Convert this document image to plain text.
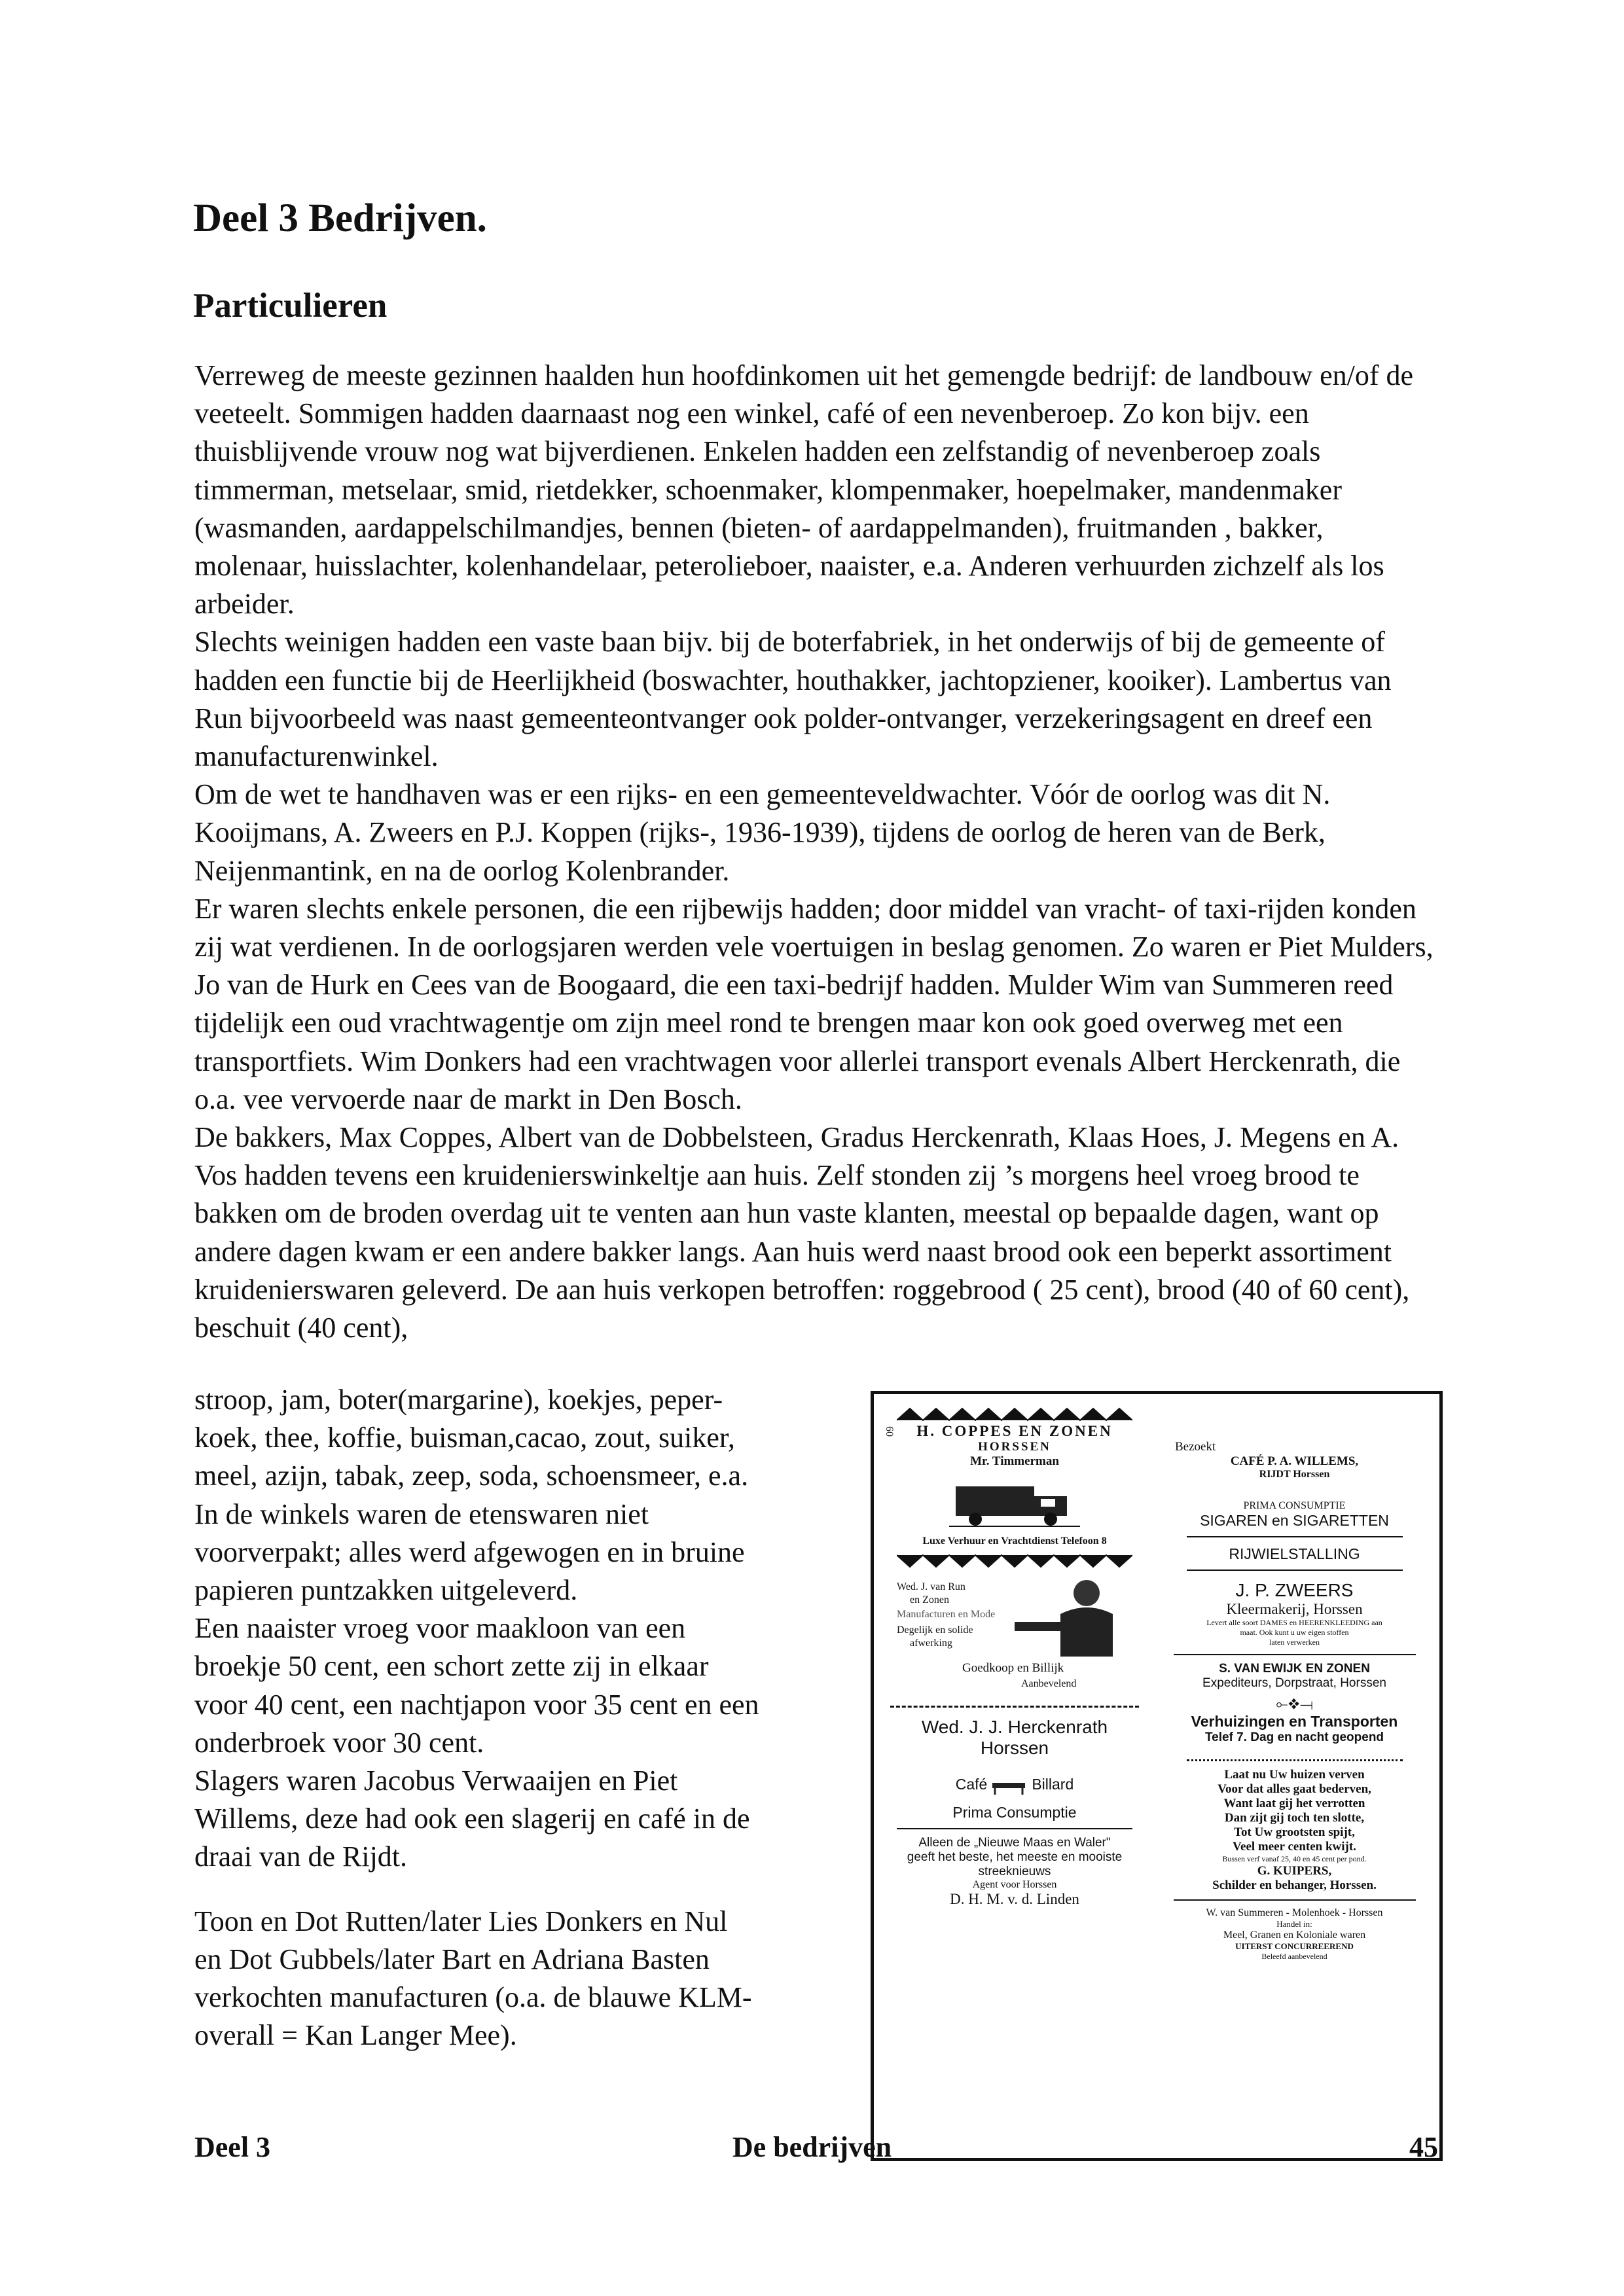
Deel 3 Bedrijven.
Particulieren

Verreweg de meeste gezinnen haalden hun hoofdinkomen uit het gemengde bedrijf: de landbouw en/of de veeteelt. Sommigen hadden daarnaast nog een winkel, café of een nevenberoep. Zo kon bijv. een thuisblijvende vrouw nog wat bijverdienen. Enkelen hadden een zelfstandig of nevenberoep zoals timmerman, metselaar, smid, rietdekker, schoenmaker, klompenmaker, hoepelmaker, mandenmaker (wasmanden, aardappelschilmandjes, bennen (bieten- of aardappelmanden), fruitmanden , bakker, molenaar, huisslachter, kolenhandelaar, peterolieboer, naaister, e.a. Anderen verhuurden zichzelf als los arbeider.

Slechts weinigen hadden een vaste baan bijv. bij de boterfabriek, in het onderwijs of bij de gemeente of hadden een functie bij de Heerlijkheid (boswachter, houthakker, jachtopziener, kooiker). Lambertus van Run bijvoorbeeld was naast gemeenteontvanger ook polder-ontvanger, verzekeringsagent en dreef een manufacturenwinkel.

Om de wet te handhaven was er een rijks- en een gemeenteveldwachter. Vóór de oorlog was dit N. Kooijmans, A. Zweers en P.J. Koppen (rijks-, 1936-1939), tijdens de oorlog de heren van de Berk, Neijenmantink, en na de oorlog Kolenbrander.

Er waren slechts enkele personen, die een rijbewijs hadden; door middel van vracht- of taxi-rijden konden zij wat verdienen. In de oorlogsjaren werden vele voertuigen in beslag genomen. Zo waren er Piet Mulders, Jo van de Hurk en Cees van de Boogaard, die een taxi-bedrijf hadden. Mulder Wim van Summeren reed tijdelijk een oud vrachtwagentje om zijn meel rond te brengen maar kon ook goed overweg met een transportfiets. Wim Donkers had een vrachtwagen voor allerlei transport evenals Albert Herckenrath, die o.a. vee vervoerde naar de markt in Den Bosch.

De bakkers, Max Coppes, Albert van de Dobbelsteen, Gradus Herckenrath, Klaas Hoes, J. Megens en A. Vos hadden tevens een kruidenierswinkeltje aan huis. Zelf stonden zij ’s morgens heel vroeg brood te bakken om de broden overdag uit te venten aan hun vaste klanten, meestal op bepaalde dagen, want op andere dagen kwam er een andere bakker langs. Aan huis werd naast brood ook een beperkt assortiment kruidenierswaren geleverd. De aan huis verkopen betroffen: roggebrood ( 25 cent), brood (40 of 60 cent), beschuit (40 cent),

stroop, jam, boter(margarine), koekjes, peper-

koek, thee, koffie, buisman,cacao, zout, suiker,

meel, azijn, tabak, zeep, soda, schoensmeer, e.a.

In de winkels waren de etenswaren niet

voorverpakt; alles werd afgewogen en in bruine

papieren puntzakken uitgeleverd.

Een naaister vroeg voor maakloon van een

broekje 50 cent, een schort zette zij in elkaar

voor 40 cent, een nachtjapon voor 35 cent en een

onderbroek voor 30 cent.

Slagers waren Jacobus Verwaaijen en Piet

Willems, deze had ook een slagerij en café in de

draai van de Rijdt.

Toon en Dot Rutten/later Lies Donkers en Nul

en Dot Gubbels/later Bart en Adriana Basten

verkochten manufacturen (o.a. de blauwe KLM-

overall = Kan Langer Mee).

60	H. COPPES EN ZONEN
HORSSEN
Mr. Timmerman
Luxe Verhuur en Vrachtdienst Telefoon 8
Wed. J. van Run
en Zonen
Manufacturen en Mode
Degelijk en solide
afwerking
Goedkoop en Billijk
Aanbevelend
Wed. J. J. Herckenrath
Horssen
Café	Billard
Prima Consumptie
Alleen de „Nieuwe Maas en Waler"
geeft het beste, het meeste en mooiste
streeknieuws
Agent voor Horssen
D. H. M. v. d. Linden
Bezoekt
CAFÉ P. A. WILLEMS,
RIJDT Horssen
PRIMA CONSUMPTIE
SIGAREN en SIGARETTEN
RIJWIELSTALLING
J. P. ZWEERS
Kleermakerij, Horssen
Levert alle soort DAMES en HEERENKLEEDING aan
maat. Ook kunt u uw eigen stoffen
laten verwerken
S. VAN EWIJK EN ZONEN
Expediteurs, Dorpstraat, Horssen
⟜❖⟞
Verhuizingen en Transporten
Telef 7. Dag en nacht geopend
Laat nu Uw huizen verven
Voor dat alles gaat bederven,
Want laat gij het verrotten
Dan zijt gij toch ten slotte,
Tot Uw grootsten spijt,
Veel meer centen kwijt.
Bussen verf vanaf 25, 40 en 45 cent per pond.
G. KUIPERS,
Schilder en behanger, Horssen.
W. van Summeren - Molenhoek - Horssen
Handel in:
Meel, Granen en Koloniale waren
UITERST CONCURREEREND
Beleefd aanbevelend
Deel 3	De bedrijven	45
